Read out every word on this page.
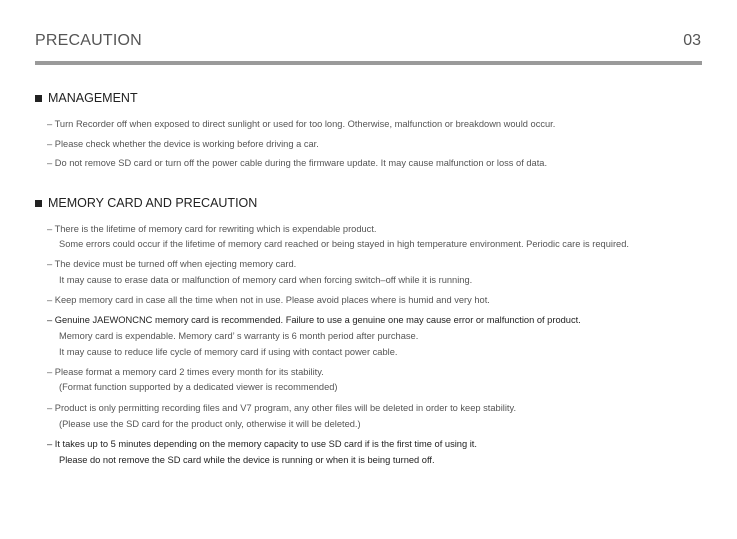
PRECAUTION	03
MANAGEMENT
– Turn Recorder off when exposed to direct sunlight or used for too long. Otherwise, malfunction or breakdown would occur.
– Please check whether the device is working before driving a car.
– Do not remove SD card or turn off the power cable during the firmware update. It may cause malfunction or loss of data.
MEMORY CARD AND PRECAUTION
– There is the lifetime of memory card for rewriting which is expendable product.
Some errors could occur if the lifetime of memory card reached or being stayed in high temperature environment. Periodic care is required.
– The device must be turned off when ejecting memory card.
It may cause to erase data or malfunction of memory card when forcing switch–off while it is running.
– Keep memory card in case all the time when not in use. Please avoid places where is humid and very hot.
– Genuine JAEWONCNC memory card is recommended. Failure to use a genuine one may cause error or malfunction of product.
Memory card is expendable. Memory card’ s warranty is 6 month period after purchase.
It may cause to reduce life cycle of memory card if using with contact power cable.
– Please format a memory card 2 times every month for its stability.
(Format function supported by a dedicated viewer is recommended)
– Product is only permitting recording files and V7 program, any other files will be deleted in order to keep stability.
(Please use the SD card for the product only, otherwise it will be deleted.)
– It takes up to 5 minutes depending on the memory capacity to use SD card if is the first time of using it.
Please do not remove the SD card while the device is running or when it is being turned off.
